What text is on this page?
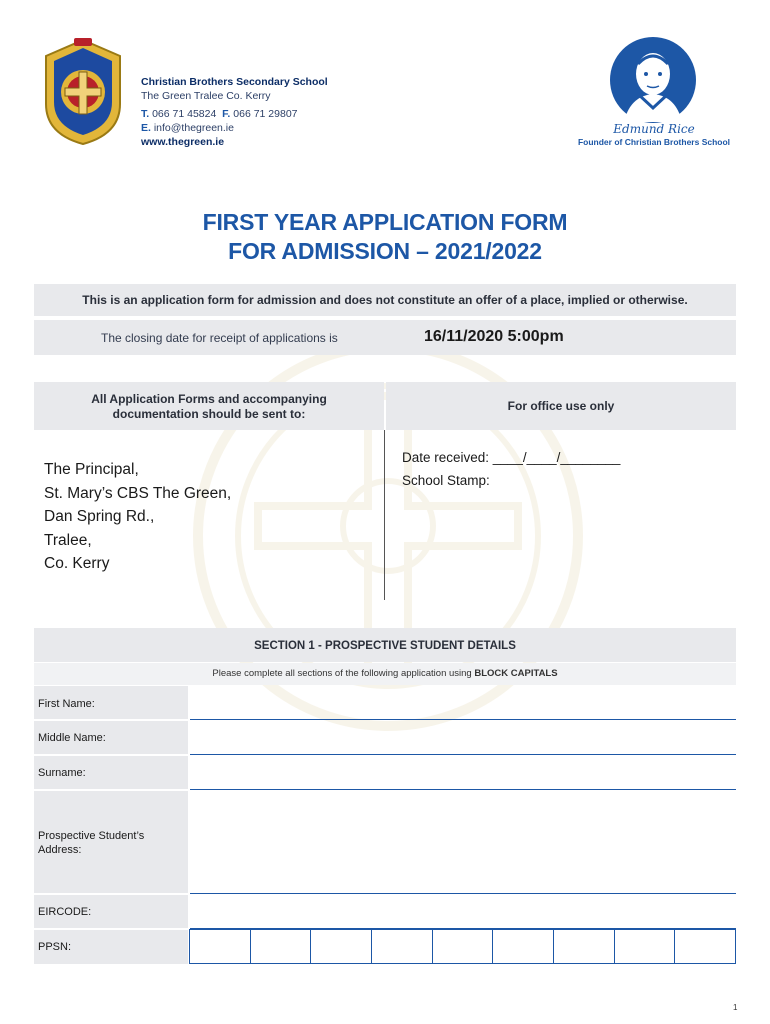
Christian Brothers Secondary School
The Green Tralee Co. Kerry
T. 066 71 45824 F. 066 71 29807
E. info@thegreen.ie
www.thegreen.ie
Edmund Rice
Founder of Christian Brothers School
FIRST YEAR APPLICATION FORM
FOR ADMISSION – 2021/2022
This is an application form for admission and does not constitute an offer of a place, implied or otherwise.
The closing date for receipt of applications is	16/11/2020 5:00pm
All Application Forms and accompanying
documentation should be sent to:
For office use only
The Principal,
St. Mary’s CBS The Green,
Dan Spring Rd.,
Tralee,
Co. Kerry
Date received: ____/____/________
School Stamp:
SECTION 1 - PROSPECTIVE STUDENT DETAILS
Please complete all sections of the following application using BLOCK CAPITALS
First Name:
Middle Name:
Surname:
Prospective Student’s
Address:
EIRCODE:
PPSN:
1
